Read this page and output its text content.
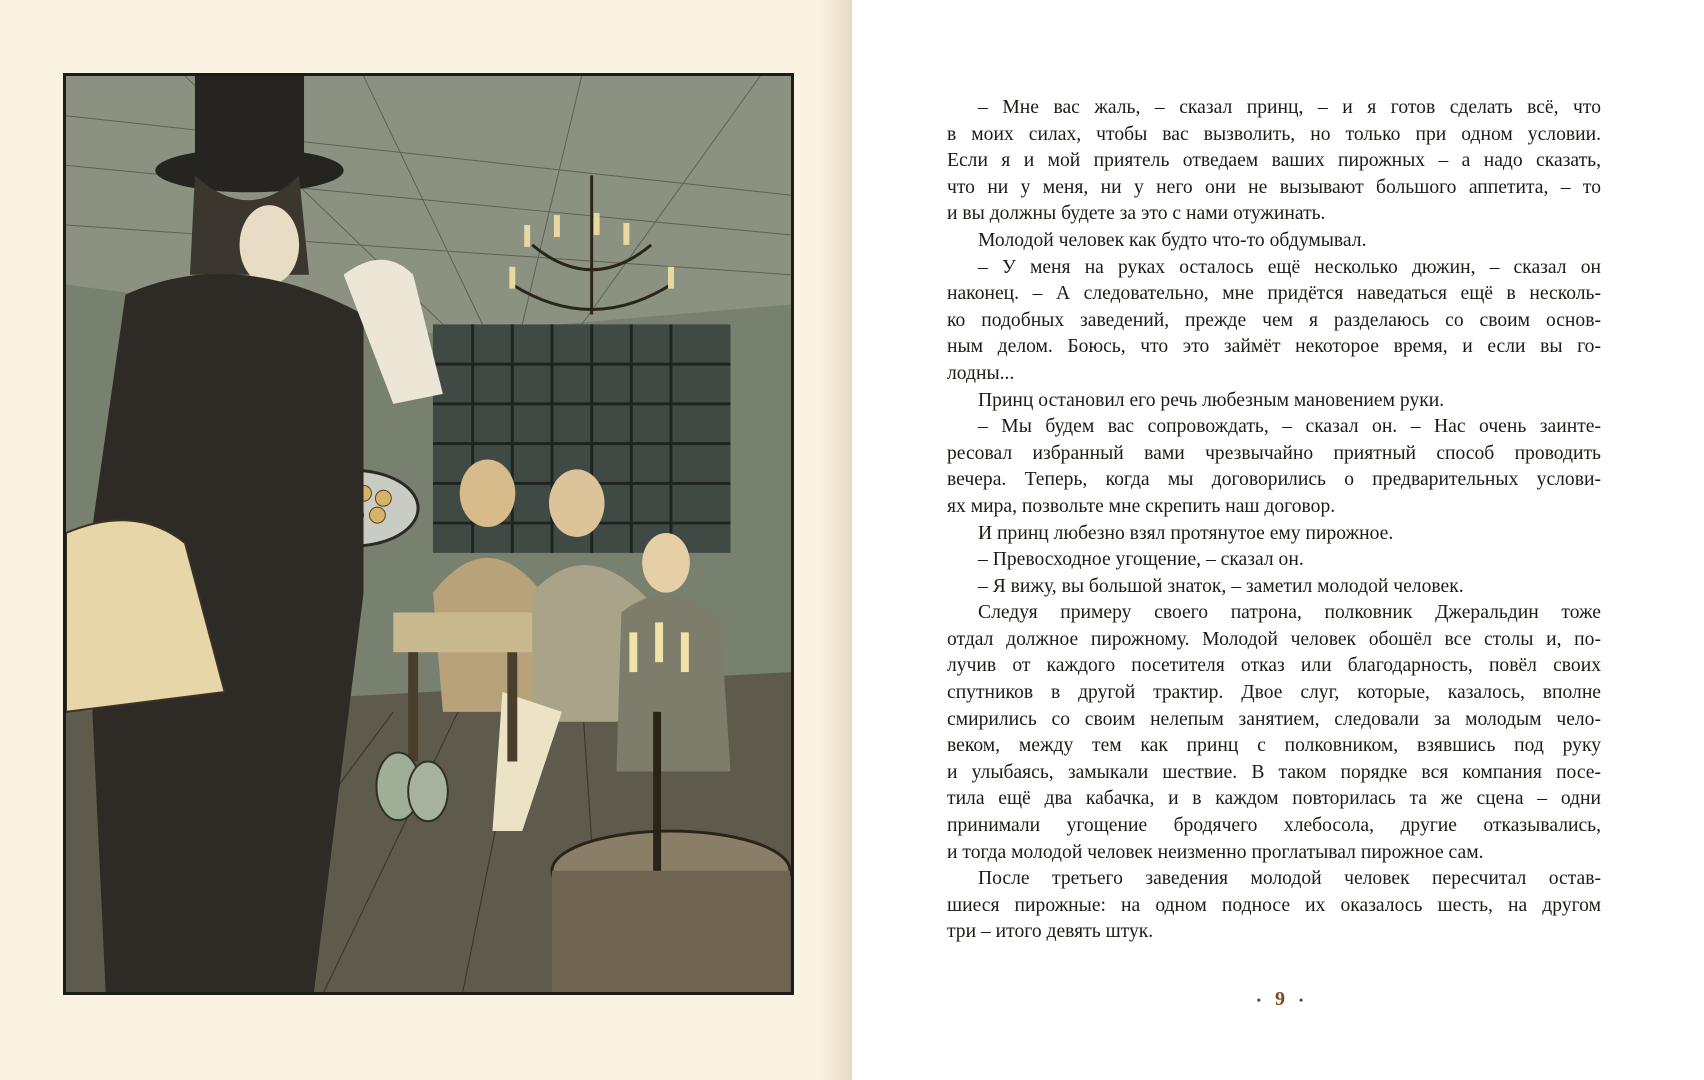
– Мне вас жаль, – сказал принц, – и я готов сделать всё, что

в моих силах, чтобы вас вызволить, но только при одном условии.

Если я и мой приятель отведаем ваших пирожных – а надо сказать,

что ни у меня, ни у него они не вызывают большого аппетита, – то

и вы должны будете за это с нами отужинать.

Молодой человек как будто что-то обдумывал.

– У меня на руках осталось ещё несколько дюжин, – сказал он

наконец. – А следовательно, мне придётся наведаться ещё в несколь-

ко подобных заведений, прежде чем я разделаюсь со своим основ-

ным делом. Боюсь, что это займёт некоторое время, и если вы го-

лодны...

Принц остановил его речь любезным мановением руки.

– Мы будем вас сопровождать, – сказал он. – Нас очень заинте-

ресовал избранный вами чрезвычайно приятный способ проводить

вечера. Теперь, когда мы договорились о предварительных услови-

ях мира, позвольте мне скрепить наш договор.

И принц любезно взял протянутое ему пирожное.

– Превосходное угощение, – сказал он.

– Я вижу, вы большой знаток, – заметил молодой человек.

Следуя примеру своего патрона, полковник Джеральдин тоже

отдал должное пирожному. Молодой человек обошёл все столы и, по-

лучив от каждого посетителя отказ или благодарность, повёл своих

спутников в другой трактир. Двое слуг, которые, казалось, вполне

смирились со своим нелепым занятием, следовали за молодым чело-

веком, между тем как принц с полковником, взявшись под руку

и улыбаясь, замыкали шествие. В таком порядке вся компания посе-

тила ещё два кабачка, и в каждом повторилась та же сцена – одни

принимали угощение бродячего хлебосола, другие отказывались,

и тогда молодой человек неизменно проглатывал пирожное сам.

После третьего заведения молодой человек пересчитал остав-

шиеся пирожные: на одном подносе их оказалось шесть, на другом

три – итого девять штук.

• 9 •
